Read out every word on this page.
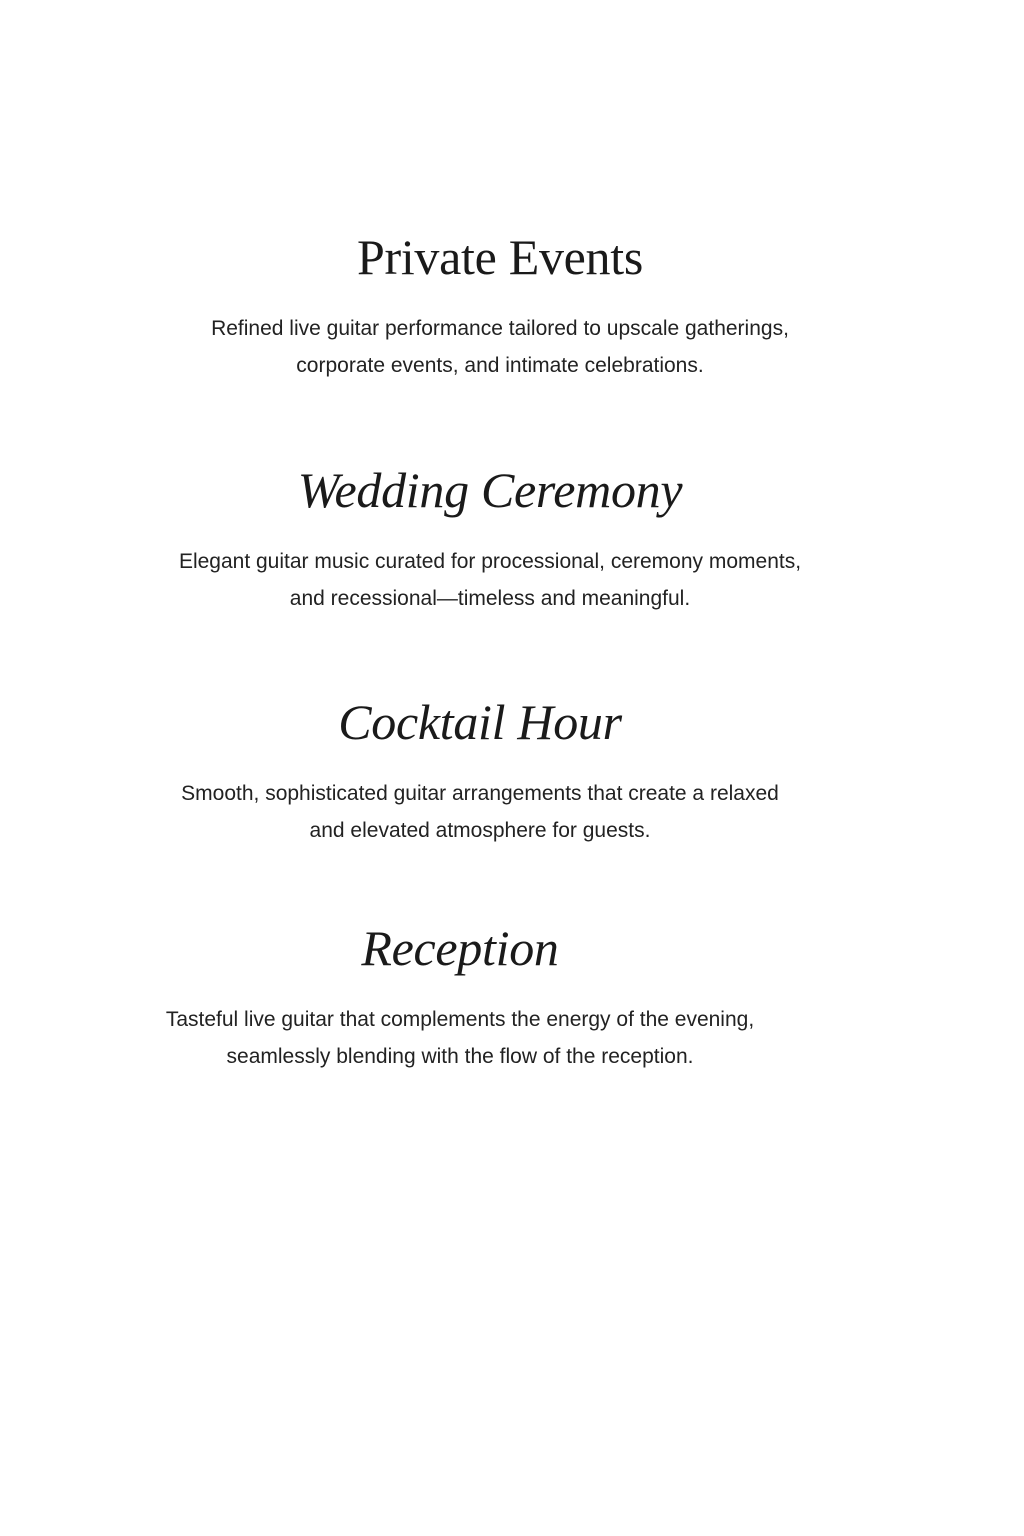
Private Events

Refined live guitar performance tailored to upscale gatherings,
corporate events, and intimate celebrations.

Wedding Ceremony

Elegant guitar music curated for processional, ceremony moments,
and recessional—timeless and meaningful.

Cocktail Hour

Smooth, sophisticated guitar arrangements that create a relaxed
and elevated atmosphere for guests.

Reception

Tasteful live guitar that complements the energy of the evening,
seamlessly blending with the flow of the reception.
